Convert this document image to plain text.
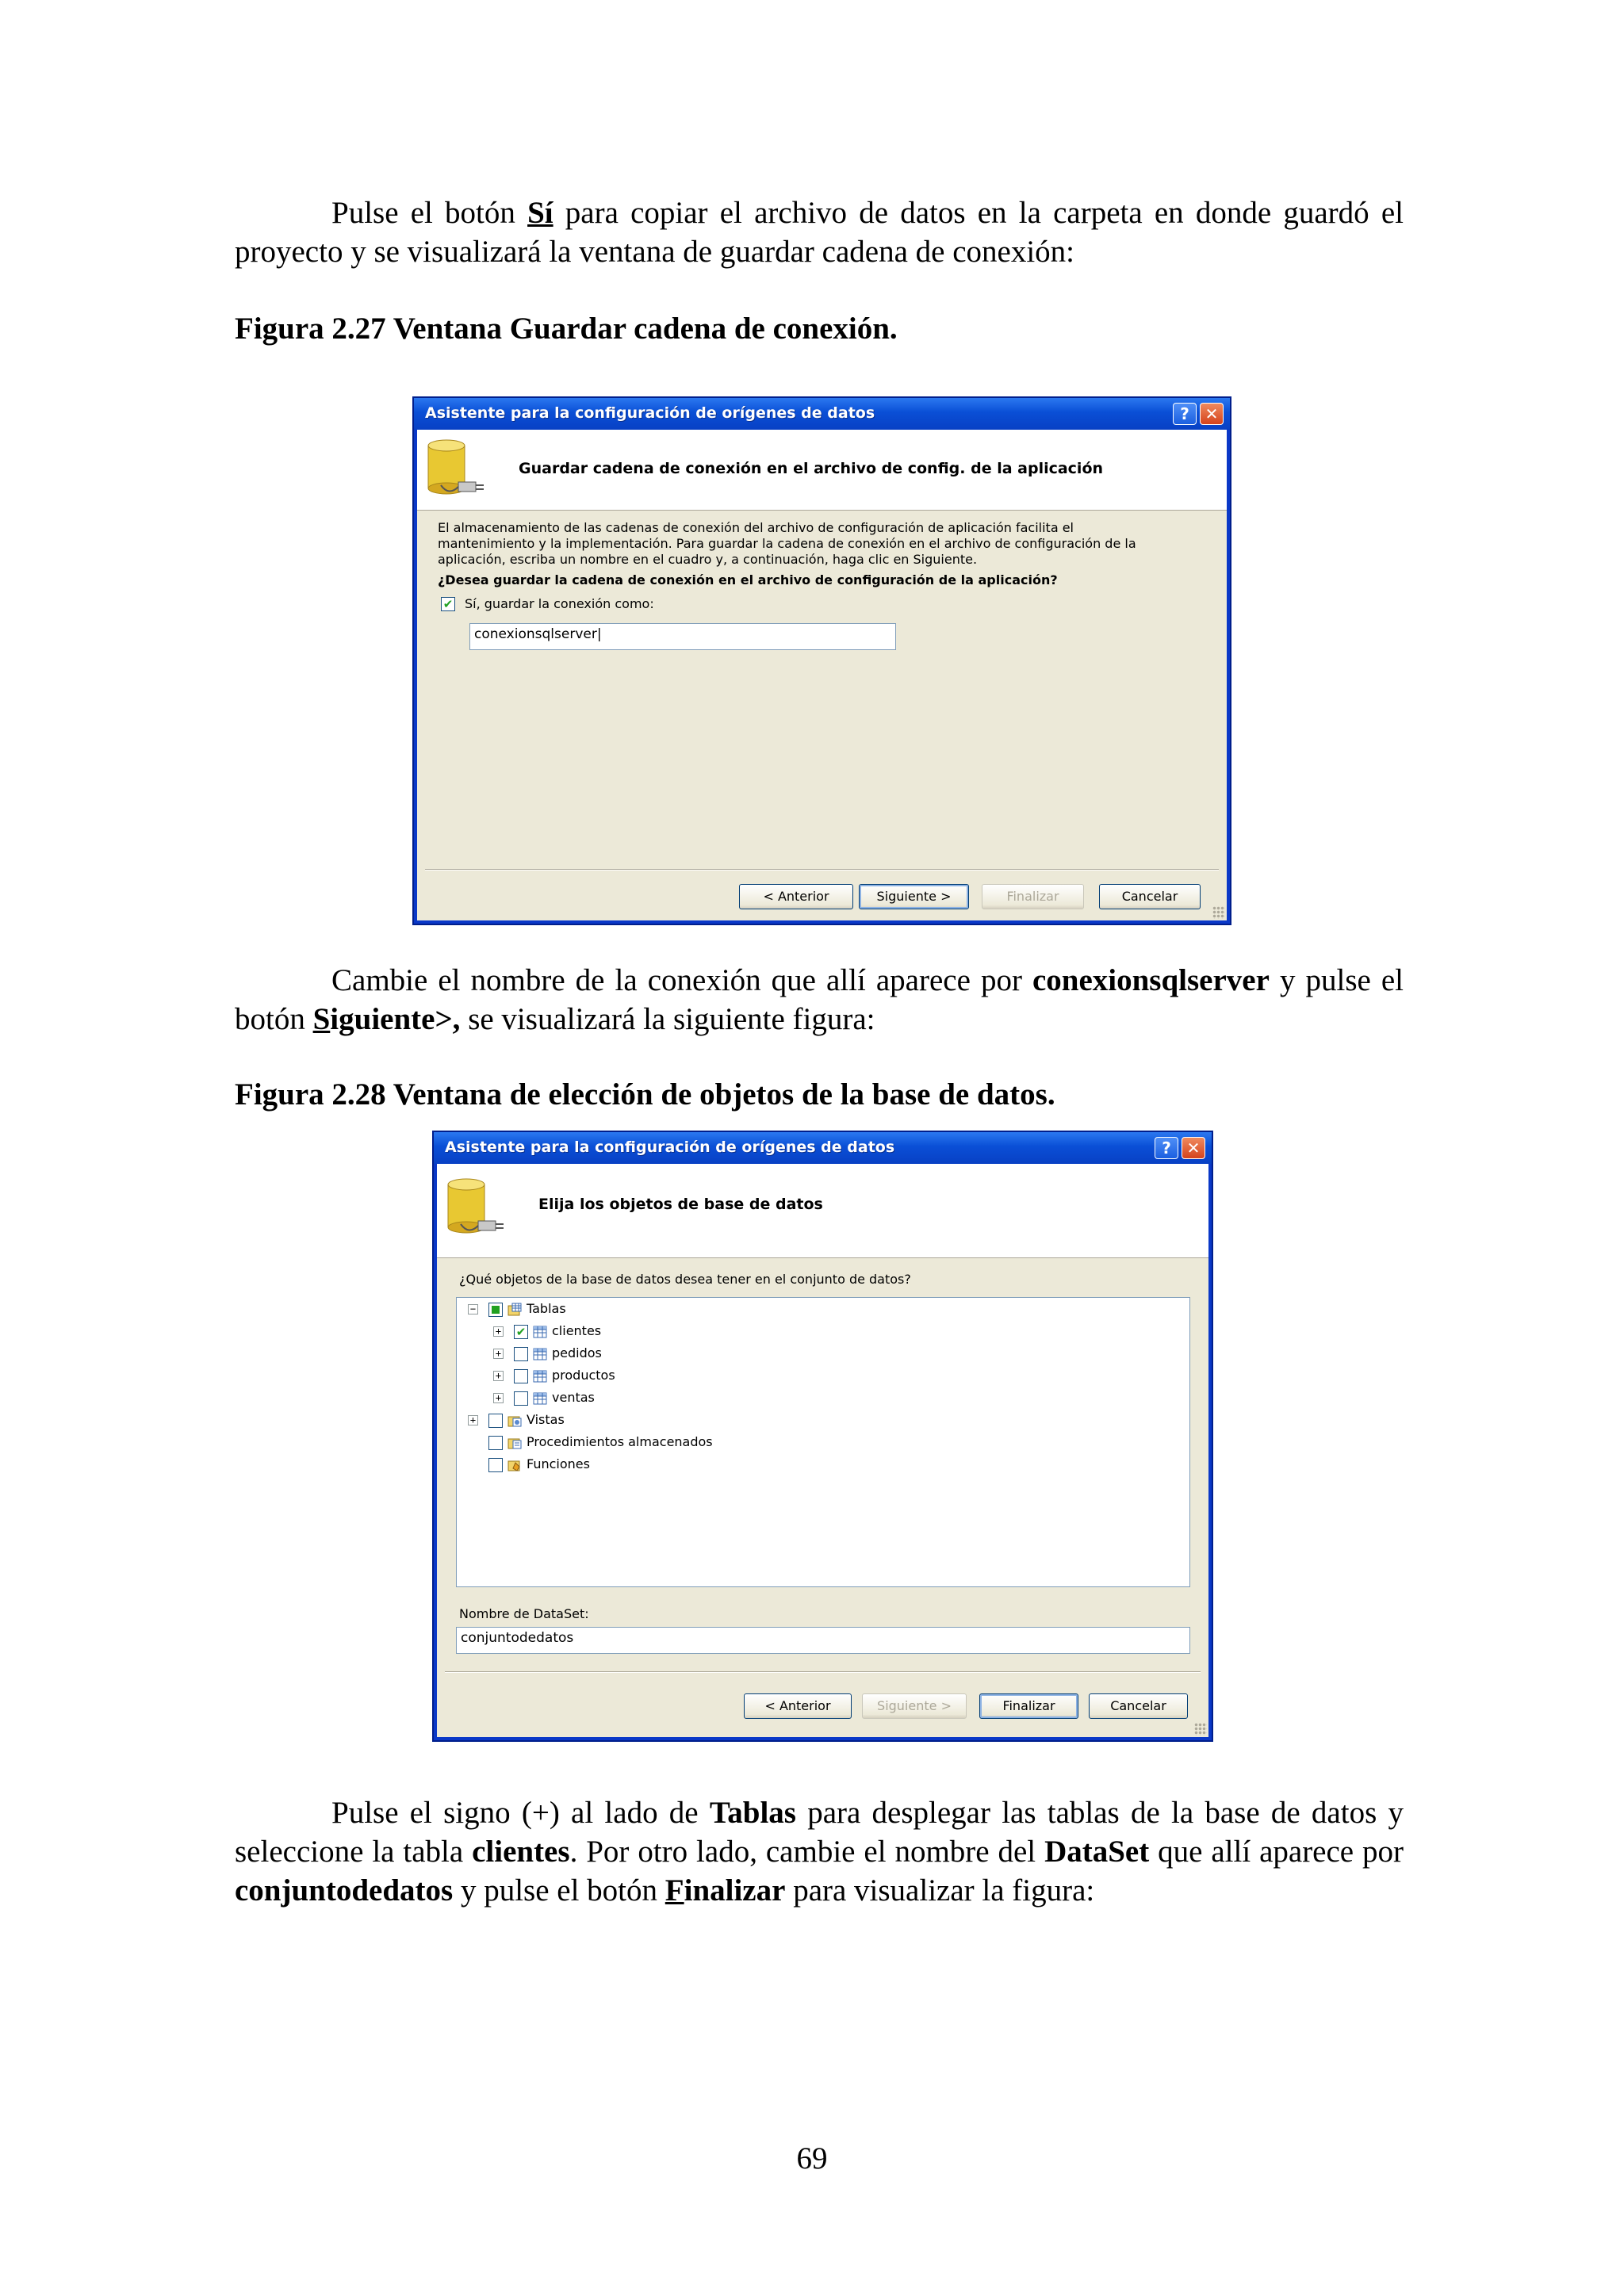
Pulse el botón Sí para copiar el archivo de datos en la carpeta en donde guardó el proyecto y se visualizará la ventana de guardar cadena de conexión:
Figura 2.27 Ventana Guardar cadena de conexión.
Asistente para la configuración de orígenes de datos	? ✕
Guardar cadena de conexión en el archivo de config. de la aplicación
El almacenamiento de las cadenas de conexión del archivo de configuración de aplicación facilita el
mantenimiento y la implementación. Para guardar la cadena de conexión en el archivo de configuración de la
aplicación, escriba un nombre en el cuadro y, a continuación, haga clic en Siguiente.
¿Desea guardar la cadena de conexión en el archivo de configuración de la aplicación?
✔ Sí, guardar la conexión como:
conexionsqlserver|
< Anterior	Siguiente >	Finalizar	Cancelar
Cambie el nombre de la conexión que allí aparece por conexionsqlserver y pulse el botón Siguiente>, se visualizará la siguiente figura:
Figura 2.28 Ventana de elección de objetos de la base de datos.
Asistente para la configuración de orígenes de datos	? ✕
Elija los objetos de base de datos
¿Qué objetos de la base de datos desea tener en el conjunto de datos?
−	Tablas
+ ✔ clientes
+	pedidos
+	productos
+	ventas
+	Vistas
Procedimientos almacenados
Funciones
Nombre de DataSet:
conjuntodedatos
< Anterior	Siguiente >	Finalizar	Cancelar
Pulse el signo (+) al lado de Tablas para desplegar las tablas de la base de datos y seleccione la tabla clientes. Por otro lado, cambie el nombre del DataSet que allí aparece por conjuntodedatos y pulse el botón Finalizar para visualizar la figura:
69
